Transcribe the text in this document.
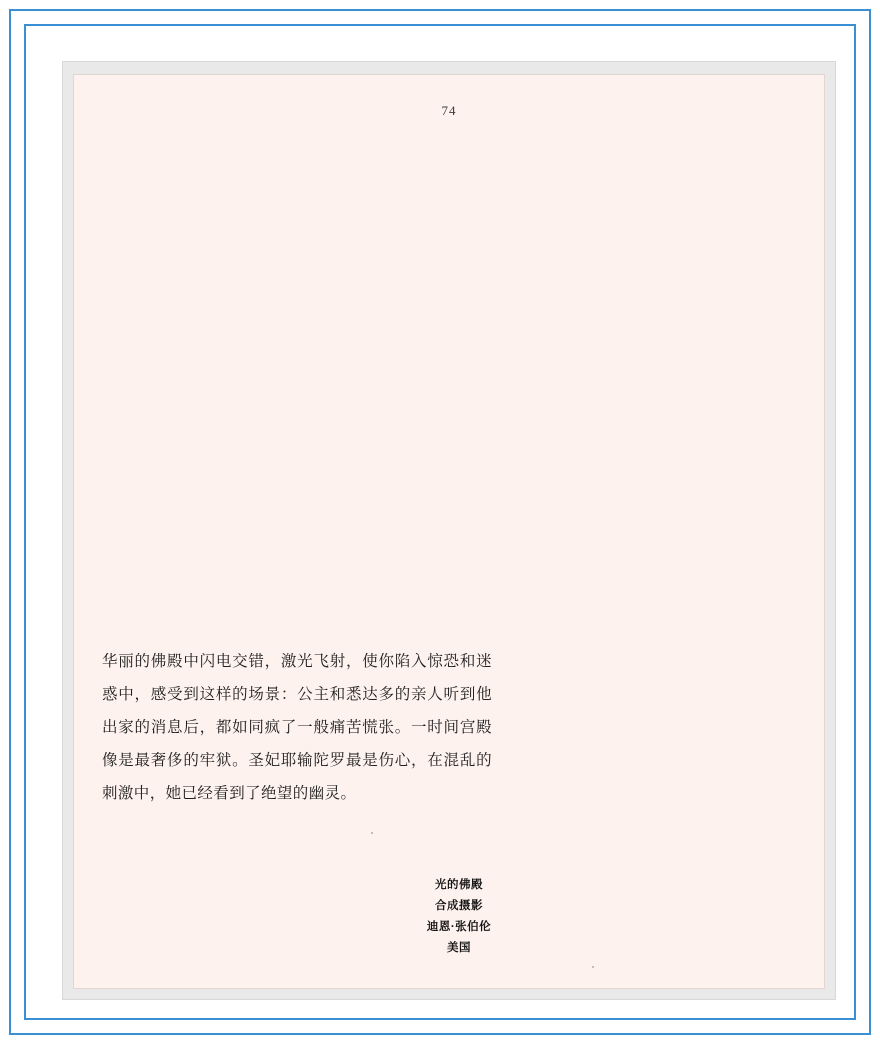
74
华丽的佛殿中闪电交错，激光飞射，使你陷入惊恐和迷惑中，感受到这样的场景：公主和悉达多的亲人听到他出家的消息后，都如同疯了一般痛苦慌张。一时间宫殿像是最奢侈的牢狱。圣妃耶输陀罗最是伤心，在混乱的刺激中，她已经看到了绝望的幽灵。
光的佛殿
合成摄影
迪恩·张伯伦
美国
